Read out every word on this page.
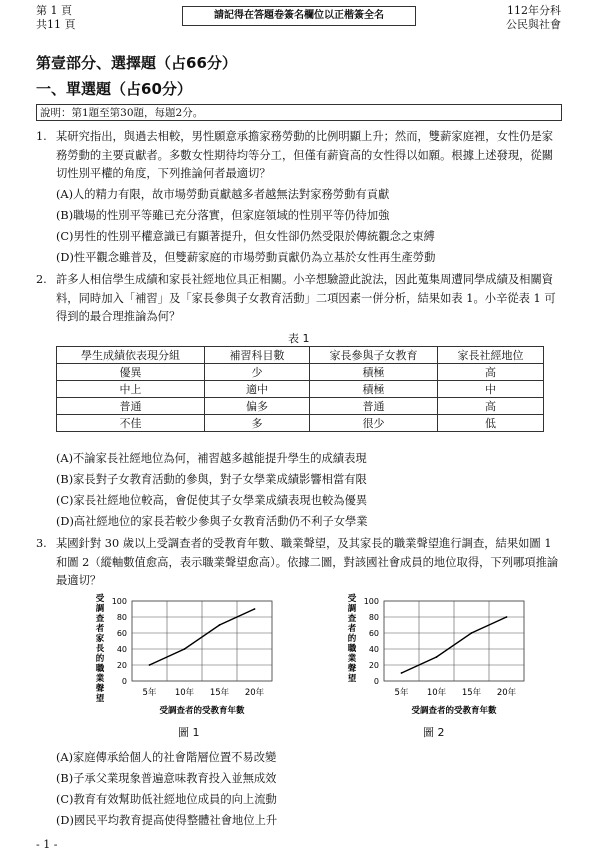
第 1 頁
共11 頁
請記得在答題卷簽名欄位以正楷簽全名	112年分科
公民與社會
第壹部分、選擇題（占66分）
一、單選題（占60分）
說明：第1題至第30題，每題2分。
1. 某研究指出，與過去相較，男性願意承擔家務勞動的比例明顯上升；然而，雙薪家庭裡，女性仍是家務勞動的主要貢獻者。多數女性期待均等分工，但僅有薪資高的女性得以如願。根據上述發現，從關切性別平權的角度，下列推論何者最適切？
(A)人的精力有限，故市場勞動貢獻越多者越無法對家務勞動有貢獻
(B)職場的性別平等雖已充分落實，但家庭領域的性別平等仍待加強
(C)男性的性別平權意識已有顯著提升，但女性卻仍然受限於傳統觀念之束縛
(D)性平觀念雖普及，但雙薪家庭的市場勞動貢獻仍為立基於女性再生產勞動
2. 許多人相信學生成績和家長社經地位具正相關。小辛想驗證此說法，因此蒐集周遭同學成績及相關資料，同時加入「補習」及「家長參與子女教育活動」二項因素一併分析，結果如表 1。小辛從表 1 可得到的最合理推論為何？
表 1
學生成績依表現分組	補習科目數	家長參與子女教育	家長社經地位
優異	少	積極	高
中上	適中	積極	中
普通	偏多	普通	高
不佳	多	很少	低
(A)不論家長社經地位為何，補習越多越能提升學生的成績表現
(B)家長對子女教育活動的參與，對子女學業成績影響相當有限
(C)家長社經地位較高，會促使其子女學業成績表現也較為優異
(D)高社經地位的家長若較少參與子女教育活動仍不利子女學業
3. 某國針對 30 歲以上受調查者的受教育年數、職業聲望，及其家長的職業聲望進行調查，結果如圖 1 和圖 2（縱軸數值愈高，表示職業聲望愈高）。依據二圖，對該國社會成員的地位取得，下列哪項推論最適切？
0
20
40
60
80
100
5年 10年 15年 20年
受調查者的受教育年數
受調查者家長的職業聲望
圖 1
0
20
40
60
80
100
5年 10年 15年 20年
受調查者的受教育年數
受調查者的職業聲望
圖 2
(A)家庭傳承給個人的社會階層位置不易改變
(B)子承父業現象普遍意味教育投入並無成效
(C)教育有效幫助低社經地位成員的向上流動
(D)國民平均教育提高使得整體社會地位上升
- 1 -
